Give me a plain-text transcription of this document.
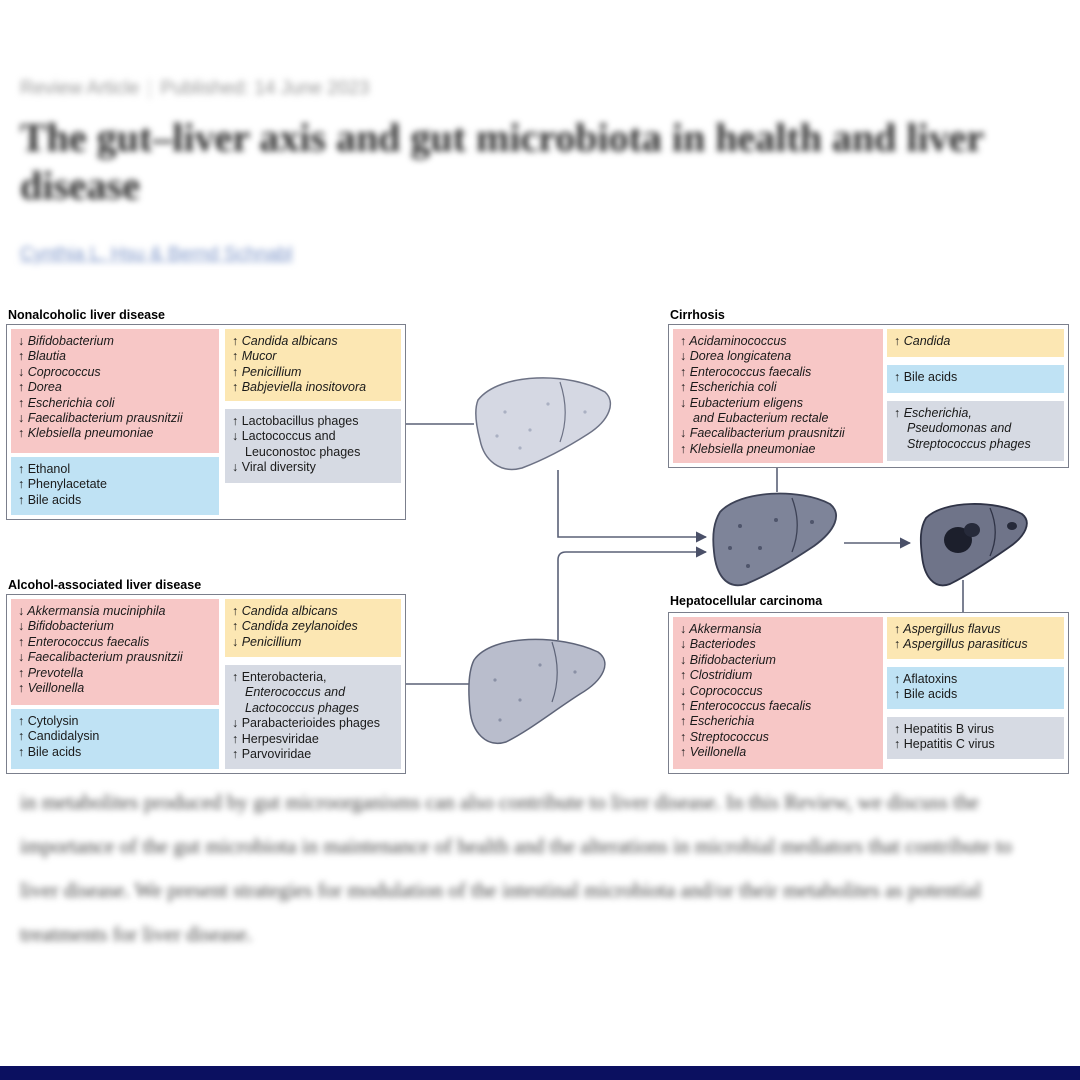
Review Article Published: 14 June 2023
The gut–liver axis and gut microbiota in health and liver disease
Cynthia L. Hsu & Bernd Schnabl
Nonalcoholic liver disease
↓ Bifidobacterium
↑ Blautia
↓ Coprococcus
↑ Dorea
↑ Escherichia coli
↓ Faecalibacterium prausnitzii
↑ Klebsiella pneumoniae
↑ Ethanol
↑ Phenylacetate
↑ Bile acids
↑ Candida albicans
↑ Mucor
↑ Penicillium
↑ Babjeviella inositovora
↑ Lactobacillus phages
↓ Lactococcus and
Leuconostoc phages
↓ Viral diversity
Alcohol-associated liver disease
↓ Akkermansia muciniphila
↓ Bifidobacterium
↑ Enterococcus faecalis
↓ Faecalibacterium prausnitzii
↑ Prevotella
↑ Veillonella
↑ Cytolysin
↑ Candidalysin
↑ Bile acids
↑ Candida albicans
↑ Candida zeylanoides
↓ Penicillium
↑ Enterobacteria,
Enterococcus and
Lactococcus phages
↓ Parabacterioides phages
↑ Herpesviridae
↑ Parvoviridae
Cirrhosis
↑ Acidaminococcus
↓ Dorea longicatena
↑ Enterococcus faecalis
↑ Escherichia coli
↓ Eubacterium eligens
and Eubacterium rectale
↓ Faecalibacterium prausnitzii
↑ Klebsiella pneumoniae
↑ Candida
↑ Bile acids
↑ Escherichia,
Pseudomonas and
Streptococcus phages
Hepatocellular carcinoma
↓ Akkermansia
↓ Bacteriodes
↓ Bifidobacterium
↑ Clostridium
↓ Coprococcus
↑ Enterococcus faecalis
↑ Escherichia
↑ Streptococcus
↑ Veillonella
↑ Aspergillus flavus
↑ Aspergillus parasiticus
↑ Aflatoxins
↑ Bile acids
↑ Hepatitis B virus
↑ Hepatitis C virus
in metabolites produced by gut microorganisms can also contribute to liver disease. In this Review, we discuss the importance of the gut microbiota in maintenance of health and the alterations in microbial mediators that contribute to liver disease. We present strategies for modulation of the intestinal microbiota and/or their metabolites as potential treatments for liver disease.
